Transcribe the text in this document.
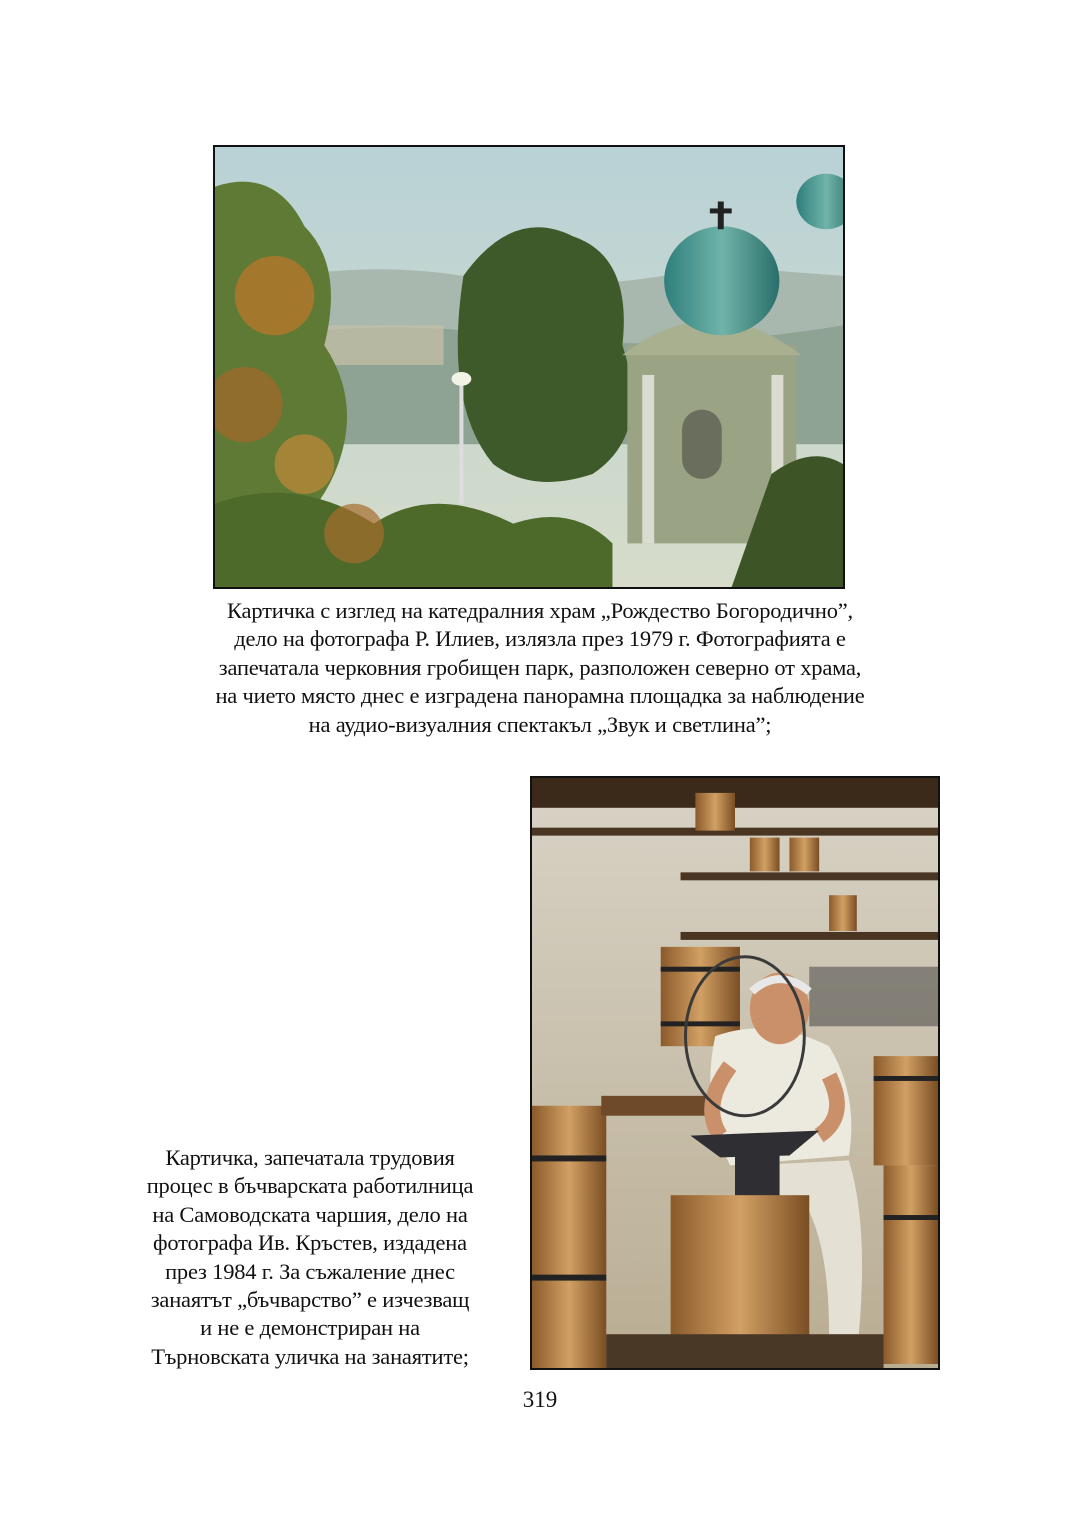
Картичка с изглед на катедралния храм „Рождество Богородично”,
дело на фотографа Р. Илиев, излязла през 1979 г. Фотографията е
запечатала черковния гробищен парк, разположен северно от храма,
на чието място днес е изградена панорамна площадка за наблюдение
на аудио-визуалния спектакъл „Звук и светлина”;
Картичка, запечатала трудовия
процес в бъчварската работилница
на Самоводската чаршия, дело на
фотографа Ив. Кръстев, издадена
през 1984 г. За съжаление днес
занаятът „бъчварство” е изчезващ
и не е демонстриран на
Търновската уличка на занаятите;
319
